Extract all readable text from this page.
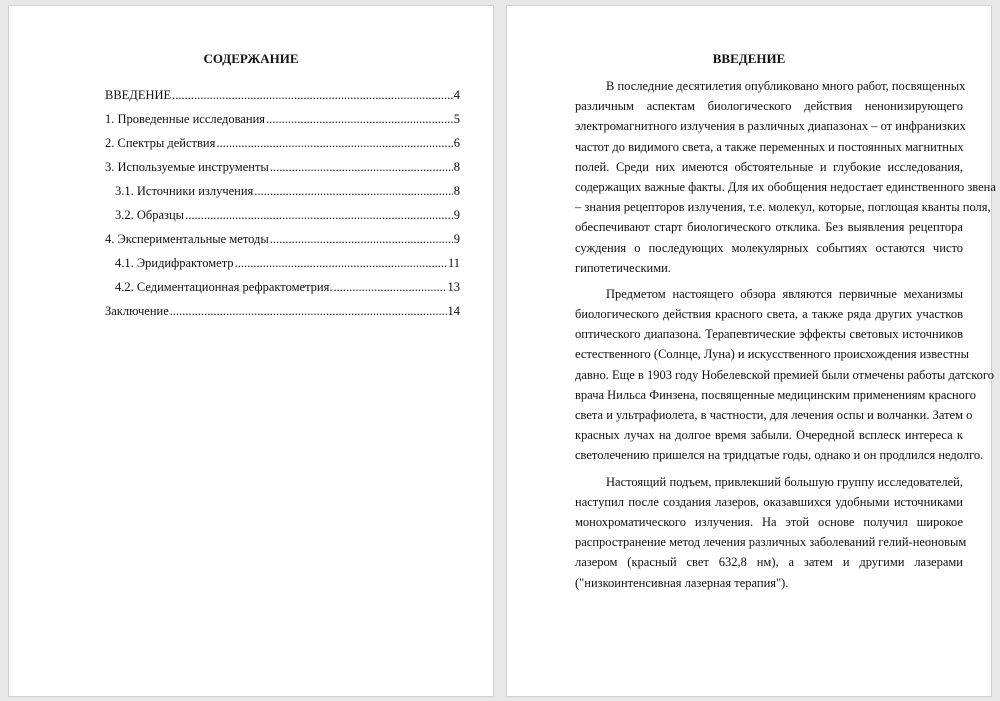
СОДЕРЖАНИЕ
ВВЕДЕНИЕ .....	4
1. Проведенные исследования .....	5
2. Спектры действия .....	6
3. Используемые инструменты .....	8
3.1. Источники излучения .....	8
3.2. Образцы .....	9
4. Экспериментальные методы .....	9
4.1. Эридифрактометр .....	11
4.2. Седиментационная рефрактометрия. .....	13
Заключение .....	14
ВВЕДЕНИЕ
В последние десятилетия опубликовано много работ, посвященных
различным аспектам биологического действия ненонизирующего
электромагнитного излучения в различных диапазонах – от инфранизких
частот до видимого света, а также переменных и постоянных магнитных
полей. Среди них имеются обстоятельные и глубокие исследования,
содержащих важные факты. Для их обобщения недостает единственного звена
– знания рецепторов излучения, т.е. молекул, которые, поглощая кванты поля,
обеспечивают старт биологического отклика. Без выявления рецептора
суждения о последующих молекулярных событиях остаются чисто
гипотетическими.
Предметом настоящего обзора являются первичные механизмы
биологического действия красного света, а также ряда других участков
оптического диапазона. Терапевтические эффекты световых источников
естественного (Солнце, Луна) и искусственного происхождения известны
давно. Еще в 1903 году Нобелевской премией были отмечены работы датского
врача Нильса Финзена, посвященные медицинским применениям красного
света и ультрафиолета, в частности, для лечения оспы и волчанки. Затем о
красных лучах на долгое время забыли. Очередной всплеск интереса к
светолечению пришелся на тридцатые годы, однако и он продлился недолго.
Настоящий подъем, привлекший большую группу исследователей,
наступил после создания лазеров, оказавшихся удобными источниками
монохроматического излучения. На этой основе получил широкое
распространение метод лечения различных заболеваний гелий-неоновым
лазером (красный свет 632,8 нм), а затем и другими лазерами
("низкоинтенсивная лазерная терапия").
